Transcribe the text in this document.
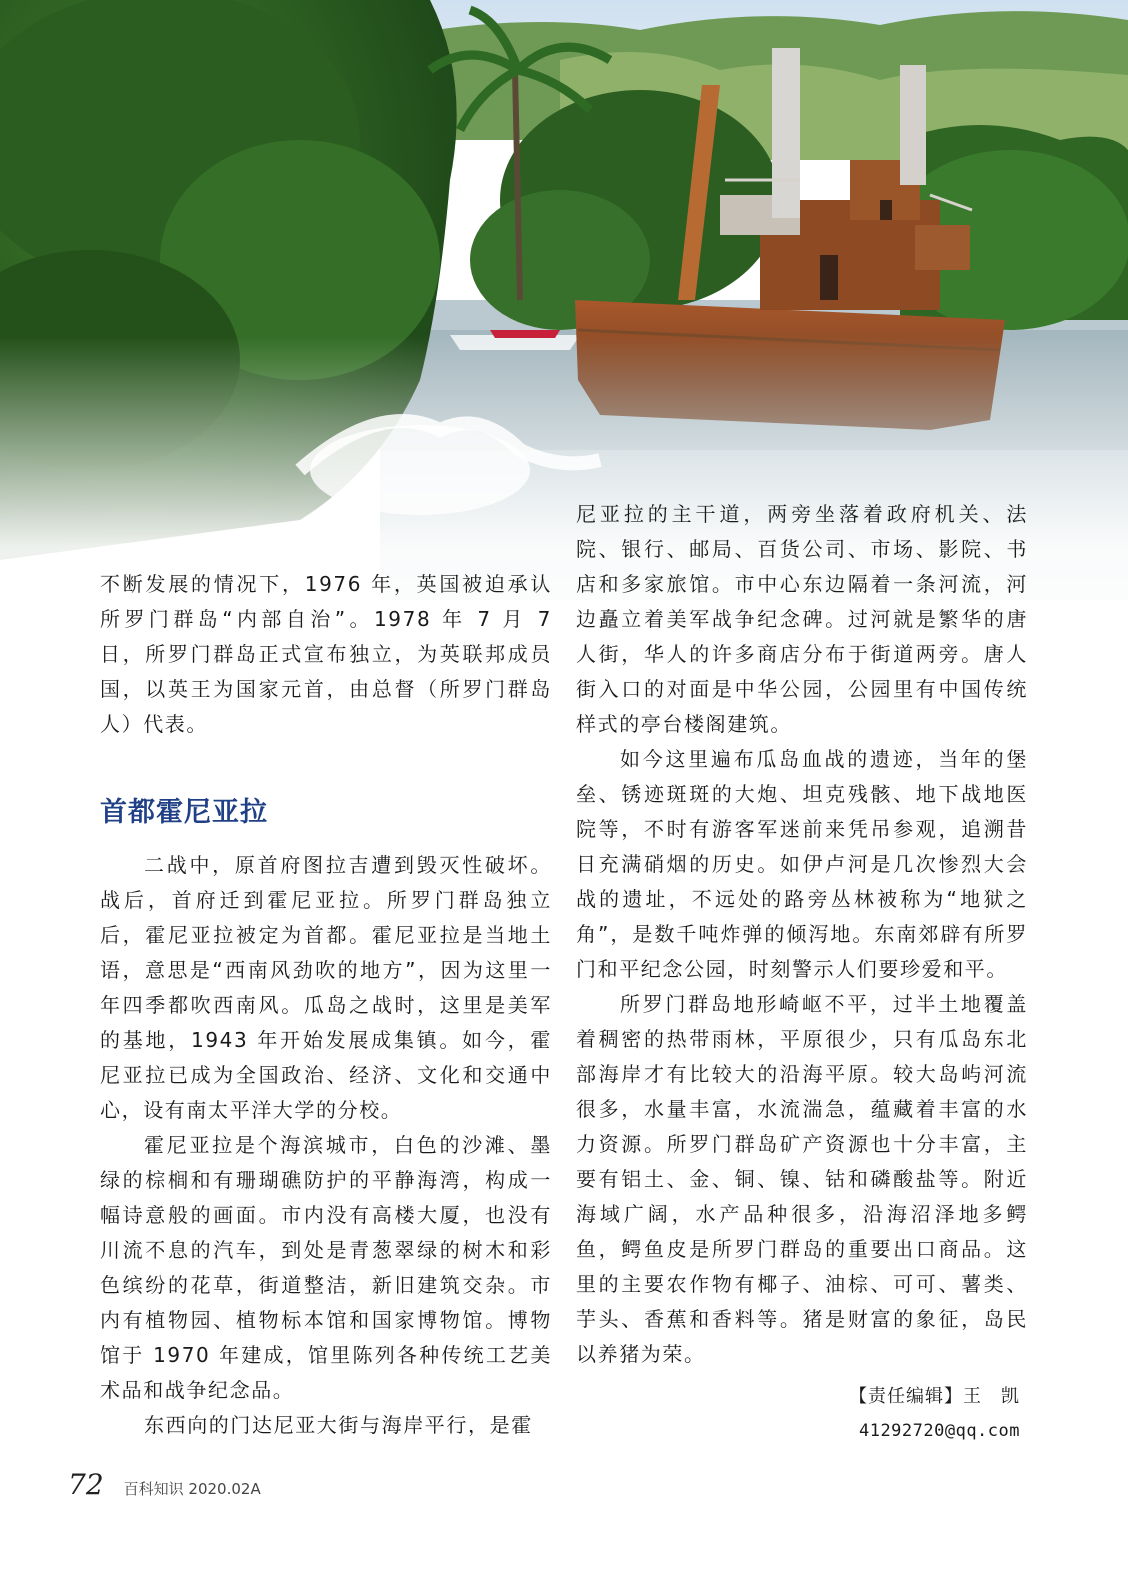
不断发展的情况下，1976 年，英国被迫承认所罗门群岛“内部自治”。1978 年 7 月 7 日，所罗门群岛正式宣布独立，为英联邦成员国，以英王为国家元首，由总督（所罗门群岛人）代表。

首都霍尼亚拉

二战中，原首府图拉吉遭到毁灭性破坏。战后，首府迁到霍尼亚拉。所罗门群岛独立后，霍尼亚拉被定为首都。霍尼亚拉是当地土语，意思是“西南风劲吹的地方”，因为这里一年四季都吹西南风。瓜岛之战时，这里是美军的基地，1943 年开始发展成集镇。如今，霍尼亚拉已成为全国政治、经济、文化和交通中心，设有南太平洋大学的分校。

霍尼亚拉是个海滨城市，白色的沙滩、墨绿的棕榈和有珊瑚礁防护的平静海湾，构成一幅诗意般的画面。市内没有高楼大厦，也没有川流不息的汽车，到处是青葱翠绿的树木和彩色缤纷的花草，街道整洁，新旧建筑交杂。市内有植物园、植物标本馆和国家博物馆。博物馆于 1970 年建成，馆里陈列各种传统工艺美术品和战争纪念品。

东西向的门达尼亚大街与海岸平行，是霍

尼亚拉的主干道，两旁坐落着政府机关、法院、银行、邮局、百货公司、市场、影院、书店和多家旅馆。市中心东边隔着一条河流，河边矗立着美军战争纪念碑。过河就是繁华的唐人街，华人的许多商店分布于街道两旁。唐人街入口的对面是中华公园，公园里有中国传统样式的亭台楼阁建筑。

如今这里遍布瓜岛血战的遗迹，当年的堡垒、锈迹斑斑的大炮、坦克残骸、地下战地医院等，不时有游客军迷前来凭吊参观，追溯昔日充满硝烟的历史。如伊卢河是几次惨烈大会战的遗址，不远处的路旁丛林被称为“地狱之角”，是数千吨炸弹的倾泻地。东南郊辟有所罗门和平纪念公园，时刻警示人们要珍爱和平。

所罗门群岛地形崎岖不平，过半土地覆盖着稠密的热带雨林，平原很少，只有瓜岛东北部海岸才有比较大的沿海平原。较大岛屿河流很多，水量丰富，水流湍急，蕴藏着丰富的水力资源。所罗门群岛矿产资源也十分丰富，主要有铝土、金、铜、镍、钴和磷酸盐等。附近海域广阔，水产品种很多，沿海沼泽地多鳄鱼，鳄鱼皮是所罗门群岛的重要出口商品。这里的主要农作物有椰子、油棕、可可、薯类、芋头、香蕉和香料等。猪是财富的象征，岛民以养猪为荣。

【责任编辑】王　凯
41292720@qq.com
72 百科知识 2020.02A
